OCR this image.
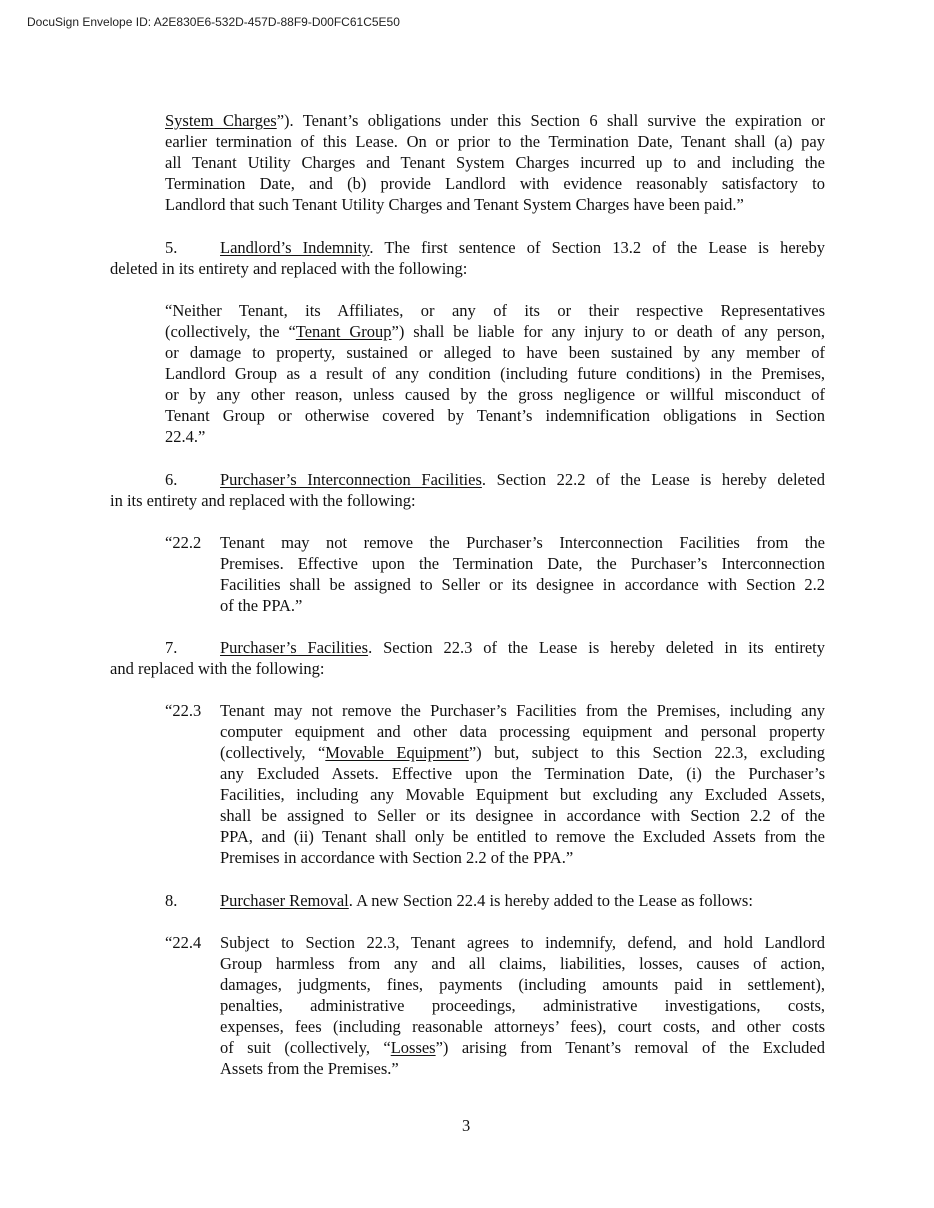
DocuSign Envelope ID: A2E830E6-532D-457D-88F9-D00FC61C5E50
System Charges”). Tenant’s obligations under this Section 6 shall survive the expiration or
earlier termination of this Lease. On or prior to the Termination Date, Tenant shall (a) pay
all Tenant Utility Charges and Tenant System Charges incurred up to and including the
Termination Date, and (b) provide Landlord with evidence reasonably satisfactory to
Landlord that such Tenant Utility Charges and Tenant System Charges have been paid.”
5.	Landlord’s Indemnity. The first sentence of Section 13.2 of the Lease is hereby
deleted in its entirety and replaced with the following:
“Neither Tenant, its Affiliates, or any of its or their respective Representatives
(collectively, the “Tenant Group”) shall be liable for any injury to or death of any person,
or damage to property, sustained or alleged to have been sustained by any member of
Landlord Group as a result of any condition (including future conditions) in the Premises,
or by any other reason, unless caused by the gross negligence or willful misconduct of
Tenant Group or otherwise covered by Tenant’s indemnification obligations in Section
22.4.”
6.	Purchaser’s Interconnection Facilities. Section 22.2 of the Lease is hereby deleted
in its entirety and replaced with the following:
“22.2 Tenant may not remove the Purchaser’s Interconnection Facilities from the
Premises. Effective upon the Termination Date, the Purchaser’s Interconnection
Facilities shall be assigned to Seller or its designee in accordance with Section 2.2
of the PPA.”
7.	Purchaser’s Facilities. Section 22.3 of the Lease is hereby deleted in its entirety
and replaced with the following:
“22.3 Tenant may not remove the Purchaser’s Facilities from the Premises, including any
computer equipment and other data processing equipment and personal property
(collectively, “Movable Equipment”) but, subject to this Section 22.3, excluding
any Excluded Assets. Effective upon the Termination Date, (i) the Purchaser’s
Facilities, including any Movable Equipment but excluding any Excluded Assets,
shall be assigned to Seller or its designee in accordance with Section 2.2 of the
PPA, and (ii) Tenant shall only be entitled to remove the Excluded Assets from the
Premises in accordance with Section 2.2 of the PPA.”
8.	Purchaser Removal. A new Section 22.4 is hereby added to the Lease as follows:
“22.4 Subject to Section 22.3, Tenant agrees to indemnify, defend, and hold Landlord
Group harmless from any and all claims, liabilities, losses, causes of action,
damages, judgments, fines, payments (including amounts paid in settlement),
penalties, administrative proceedings, administrative investigations, costs,
expenses, fees (including reasonable attorneys’ fees), court costs, and other costs
of suit (collectively, “Losses”) arising from Tenant’s removal of the Excluded
Assets from the Premises.”
3
